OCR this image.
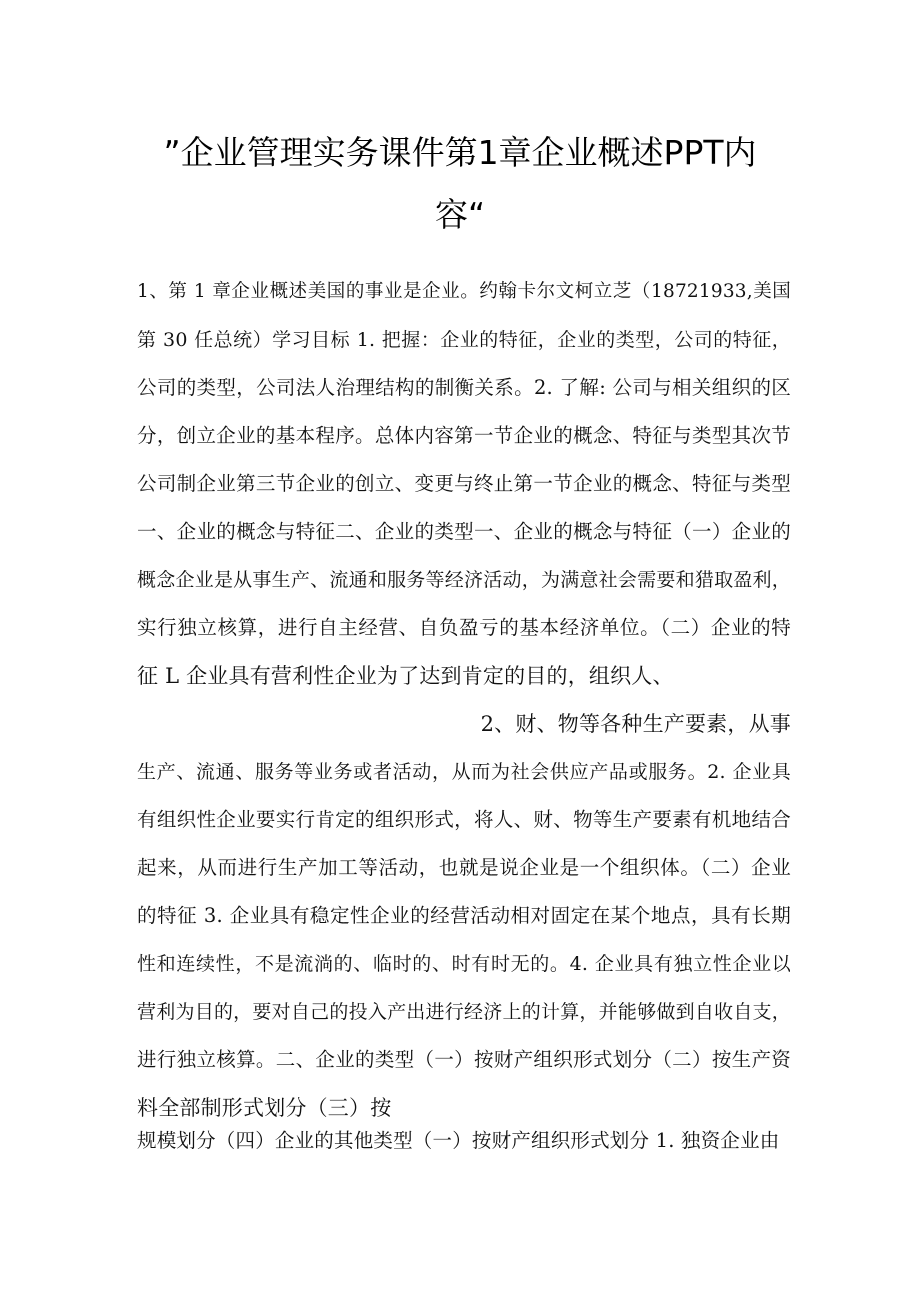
”企业管理实务课件第1章企业概述PPT内
容“
1、第 1 章企业概述美国的事业是企业。约翰卡尔文柯立芝（18721933,美国
第 30 任总统）学习目标 1. 把握：企业的特征，企业的类型，公司的特征，
公司的类型，公司法人治理结构的制衡关系。2. 了解: 公司与相关组织的区
分，创立企业的基本程序。总体内容第一节企业的概念、特征与类型其次节
公司制企业第三节企业的创立、变更与终止第一节企业的概念、特征与类型
一、企业的概念与特征二、企业的类型一、企业的概念与特征（一）企业的
概念企业是从事生产、流通和服务等经济活动，为满意社会需要和猎取盈利，
实行独立核算，进行自主经营、自负盈亏的基本经济单位。（二）企业的特
征 L 企业具有营利性企业为了达到肯定的目的，组织人、
2、财、物等各种生产要素，从事
生产、流通、服务等业务或者活动，从而为社会供应产品或服务。2. 企业具
有组织性企业要实行肯定的组织形式，将人、财、物等生产要素有机地结合
起来，从而进行生产加工等活动，也就是说企业是一个组织体。（二）企业
的特征 3. 企业具有稳定性企业的经营活动相对固定在某个地点，具有长期
性和连续性，不是流淌的、临时的、时有时无的。4. 企业具有独立性企业以
营利为目的，要对自己的投入产出进行经济上的计算，并能够做到自收自支，
进行独立核算。二、企业的类型（一）按财产组织形式划分（二）按生产资
料全部制形式划分（三）按
规模划分（四）企业的其他类型（一）按财产组织形式划分 1. 独资企业由
